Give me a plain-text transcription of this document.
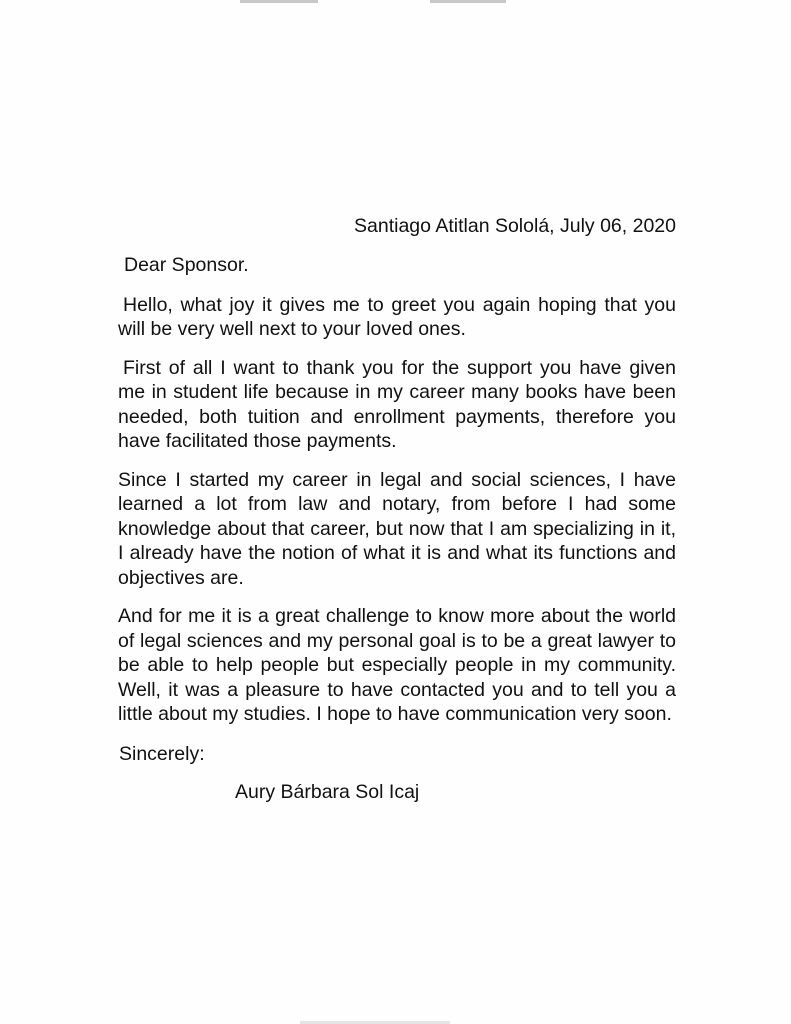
Santiago Atitlan Sololá, July 06, 2020

Dear Sponsor.

Hello, what joy it gives me to greet you again hoping that you will be very well next to your loved ones.

First of all I want to thank you for the support you have given me in student life because in my career many books have been needed, both tuition and enrollment payments, therefore you have facilitated those payments.

Since I started my career in legal and social sciences, I have learned a lot from law and notary, from before I had some knowledge about that career, but now that I am specializing in it, I already have the notion of what it is and what its functions and objectives are.

And for me it is a great challenge to know more about the world of legal sciences and my personal goal is to be a great lawyer to be able to help people but especially people in my community. Well, it was a pleasure to have contacted you and to tell you a little about my studies. I hope to have communication very soon.

Sincerely:

Aury Bárbara Sol Icaj
